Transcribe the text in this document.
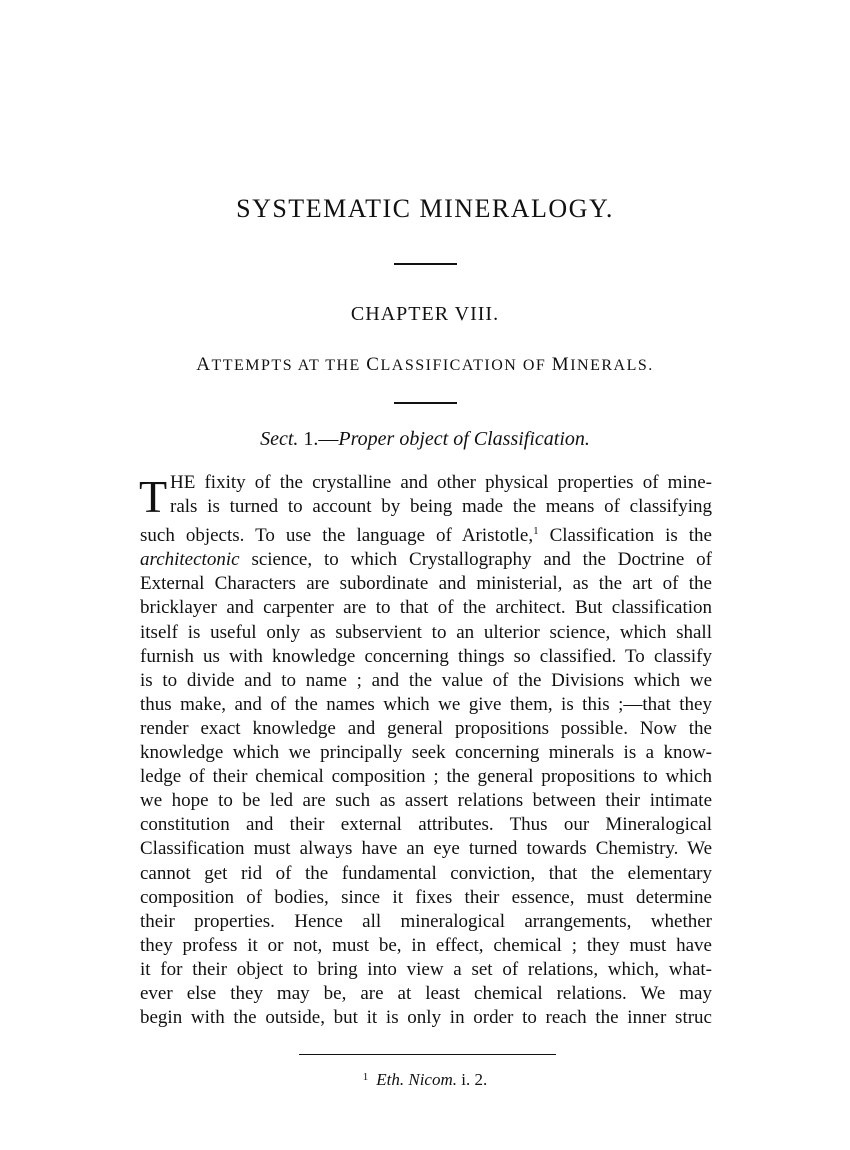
SYSTEMATIC MINERALOGY.
CHAPTER VIII.
ATTEMPTS AT THE CLASSIFICATION OF MINERALS.
Sect. 1.—Proper object of Classification.
T HE fixity of the crystalline and other physical properties of mine-
rals is turned to account by being made the means of classifying
such objects. To use the language of Aristotle,$^1$ Classification is the
architectonic science, to which Crystallography and the Doctrine of
External Characters are subordinate and ministerial, as the art of the
bricklayer and carpenter are to that of the architect. But classification
itself is useful only as subservient to an ulterior science, which shall
furnish us with knowledge concerning things so classified. To classify
is to divide and to name ; and the value of the Divisions which we
thus make, and of the names which we give them, is this ;—that they
render exact knowledge and general propositions possible. Now the
knowledge which we principally seek concerning minerals is a know-
ledge of their chemical composition ; the general propositions to which
we hope to be led are such as assert relations between their intimate
constitution and their external attributes. Thus our Mineralogical
Classification must always have an eye turned towards Chemistry. We
cannot get rid of the fundamental conviction, that the elementary
composition of bodies, since it fixes their essence, must determine
their properties. Hence all mineralogical arrangements, whether
they profess it or not, must be, in effect, chemical ; they must have
it for their object to bring into view a set of relations, which, what-
ever else they may be, are at least chemical relations. We may
begin with the outside, but it is only in order to reach the inner struc
$^1$ Eth. Nicom. i. 2.
